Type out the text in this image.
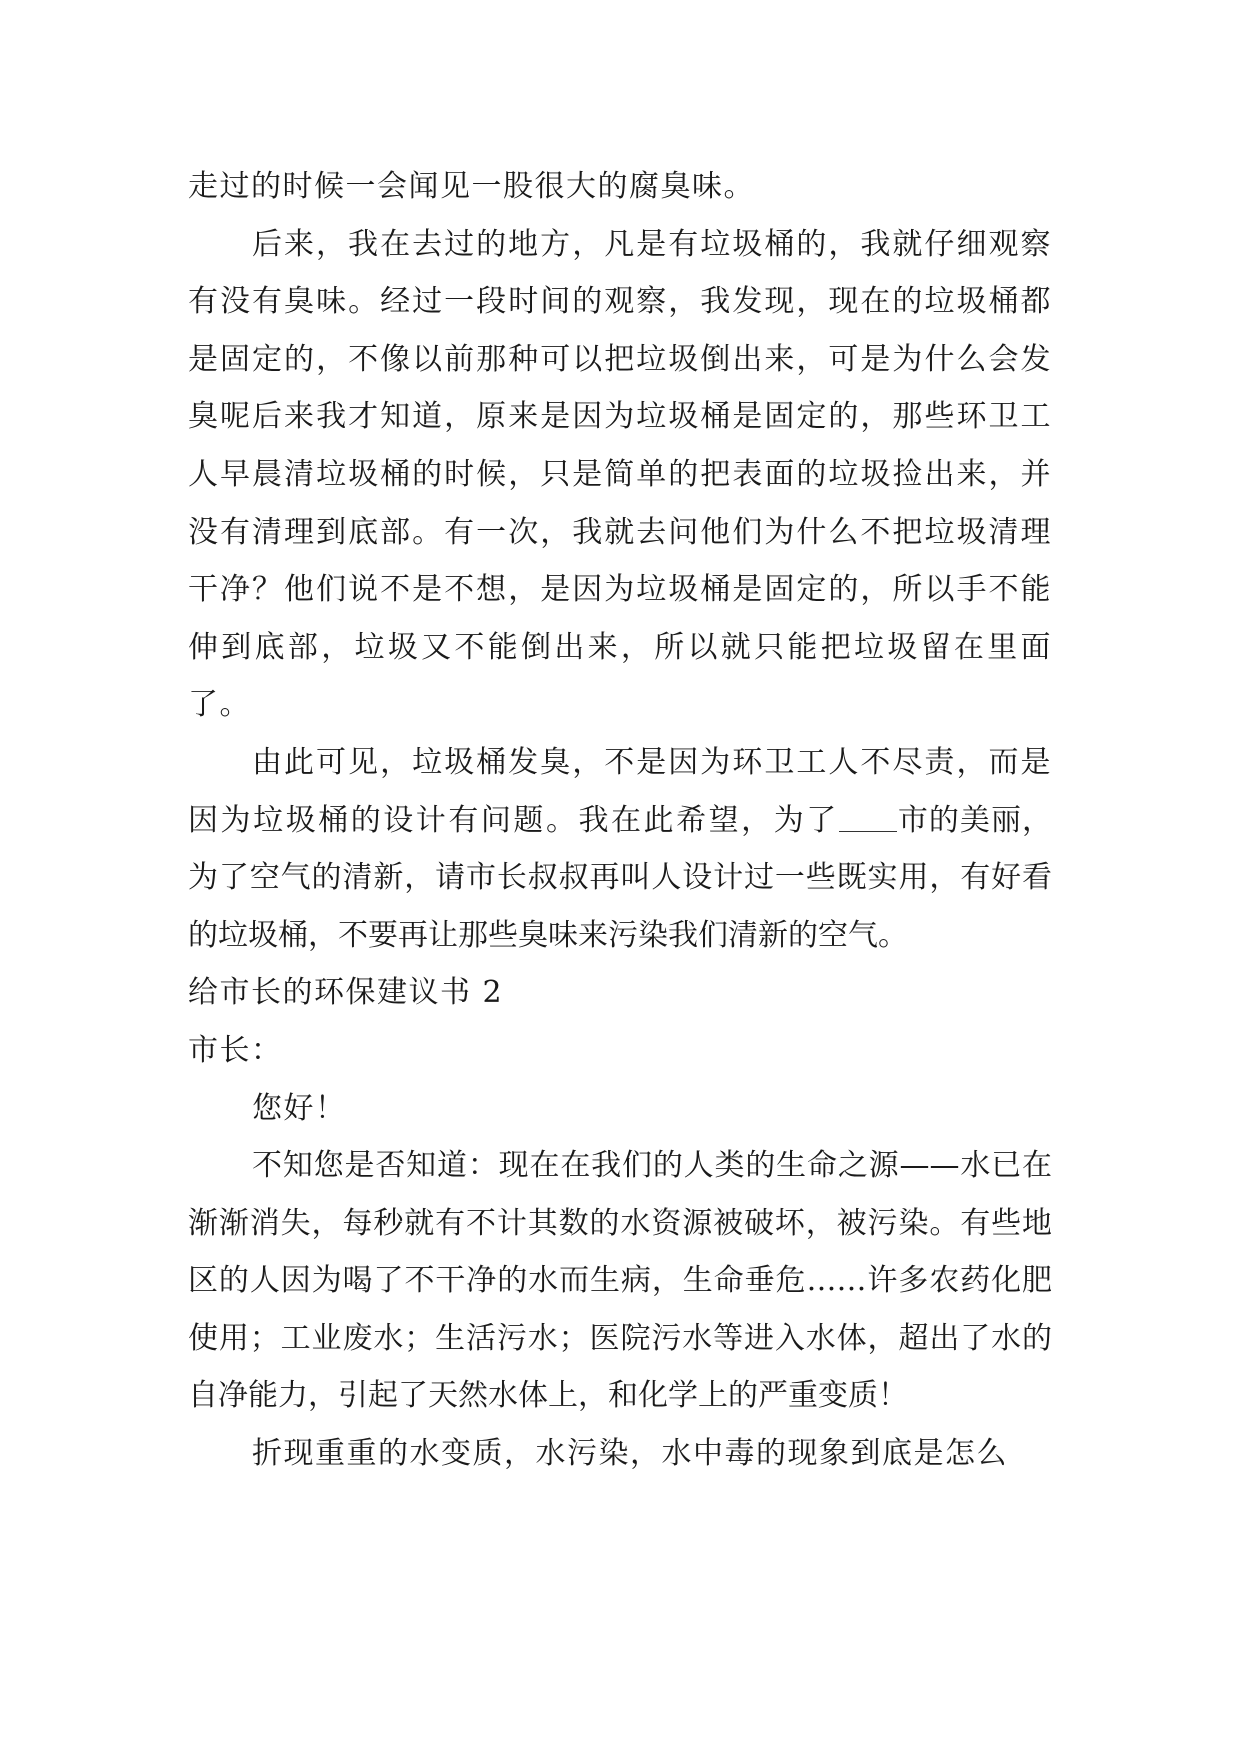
走过的时候一会闻见一股很大的腐臭味。

后来，我在去过的地方，凡是有垃圾桶的，我就仔细观察有没有臭味。经过一段时间的观察，我发现，现在的垃圾桶都是固定的，不像以前那种可以把垃圾倒出来，可是为什么会发臭呢后来我才知道，原来是因为垃圾桶是固定的，那些环卫工人早晨清垃圾桶的时候，只是简单的把表面的垃圾捡出来，并没有清理到底部。有一次，我就去问他们为什么不把垃圾清理干净？他们说不是不想，是因为垃圾桶是固定的，所以手不能伸到底部，垃圾又不能倒出来，所以就只能把垃圾留在里面了。

由此可见，垃圾桶发臭，不是因为环卫工人不尽责，而是因为垃圾桶的设计有问题。我在此希望，为了 市的美丽，为了空气的清新，请市长叔叔再叫人设计过一些既实用，有好看的垃圾桶，不要再让那些臭味来污染我们清新的空气。

给市长的环保建议书 2

市长：

您好！

不知您是否知道：现在在我们的人类的生命之源——水已在渐渐消失，每秒就有不计其数的水资源被破坏，被污染。有些地区的人因为喝了不干净的水而生病，生命垂危……许多农药化肥使用；工业废水；生活污水；医院污水等进入水体，超出了水的自净能力，引起了天然水体上，和化学上的严重变质！

折现重重的水变质，水污染，水中毒的现象到底是怎么
